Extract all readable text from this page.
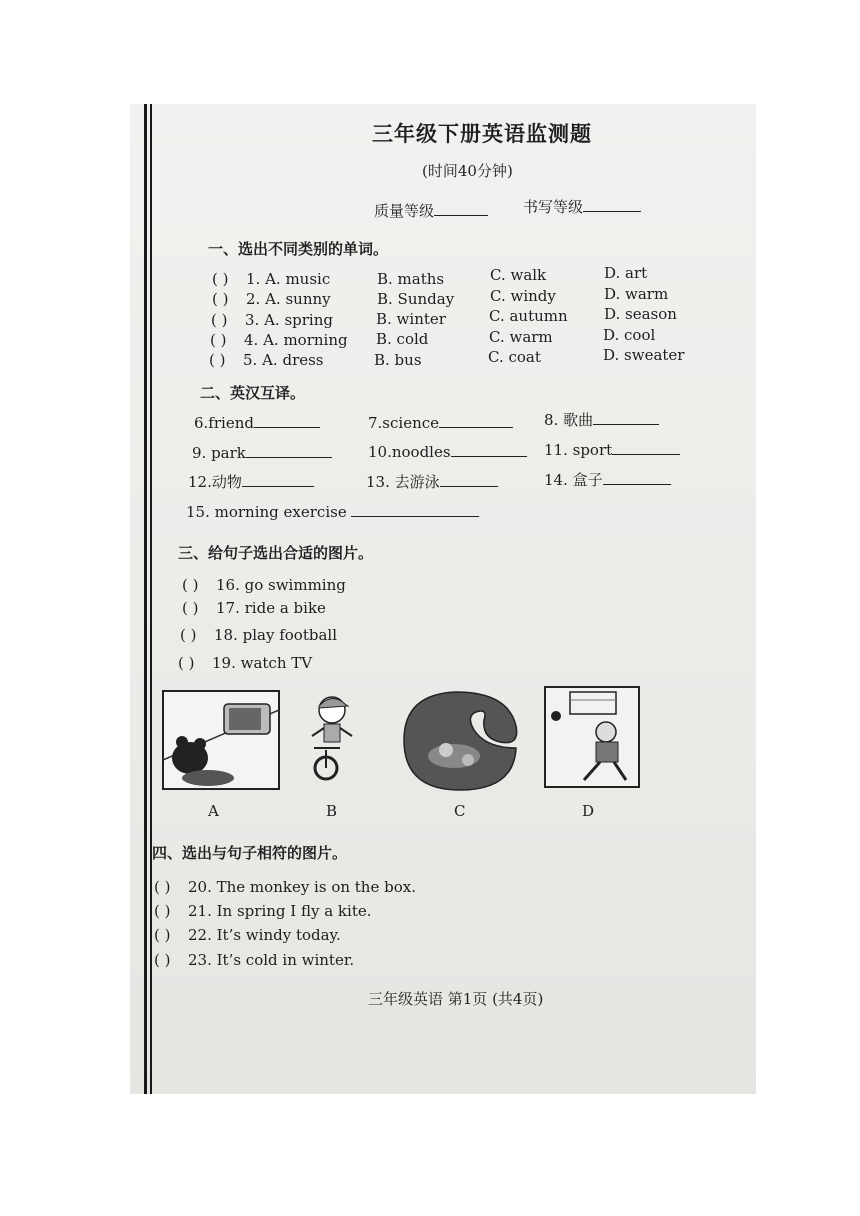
三年级下册英语监测题
(时间40分钟)
质量等级	书写等级
一、选出不同类别的单词。
( ) 1. A. music	B. maths	C. walk	D. art
( ) 2. A. sunny	B. Sunday C. windy	D. warm
( ) 3. A. spring	B. winter	C. autumn D. season
( ) 4. A. morning B. cold	C. warm	D. cool
( ) 5. A. dress	B. bus	C. coat	D. sweater
二、英汉互译。
6.friend	7.science	8. 歌曲
9. park	10.noodles	11. sport
12.动物	13. 去游泳	14. 盒子
15. morning exercise
三、给句子选出合适的图片。
( ) 16. go swimming
( ) 17. ride a bike
( ) 18. play football
( ) 19. watch TV
A	B	C	D
四、选出与句子相符的图片。
( ) 20. The monkey is on the box.
( ) 21. In spring I fly a kite.
( ) 22. It’s windy today.
( ) 23. It’s cold in winter.
三年级英语 第1页 (共4页)
